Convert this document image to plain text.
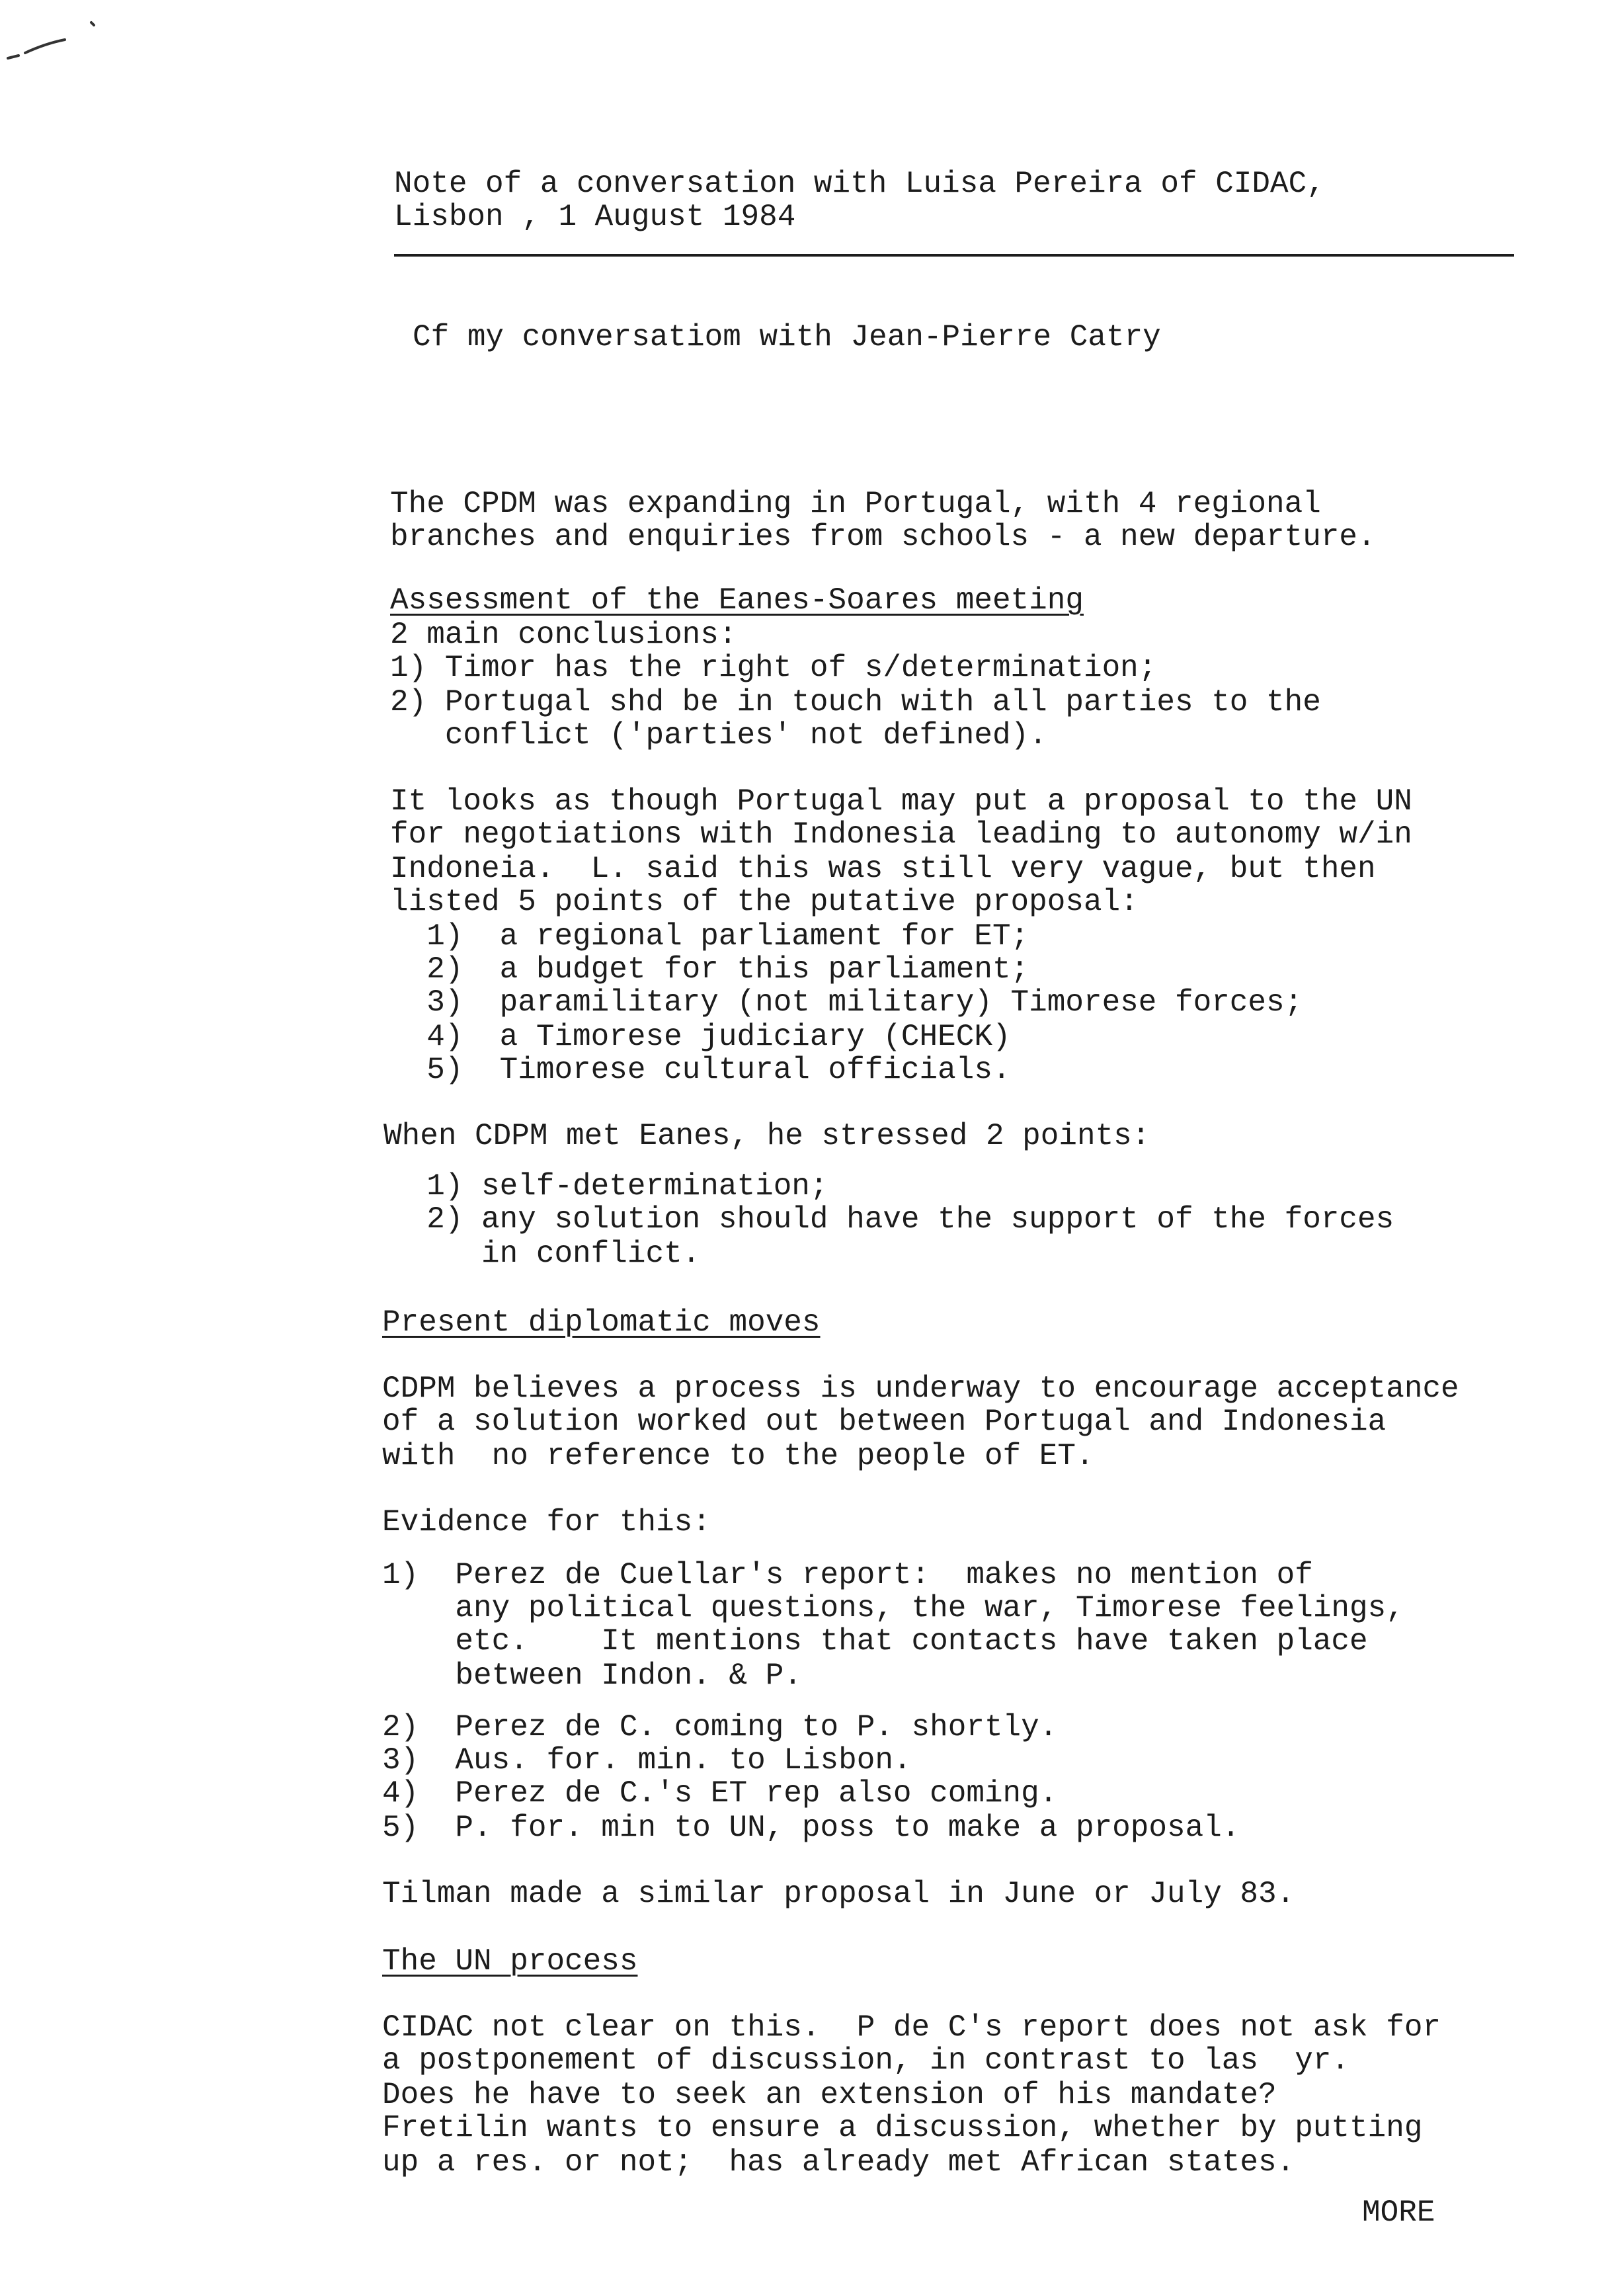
Note of a conversation with Luisa Pereira of CIDAC,
Lisbon , 1 August 1984
Cf my conversatiom with Jean-Pierre Catry
The CPDM was expanding in Portugal, with 4 regional
branches and enquiries from schools - a new departure.
Assessment of the Eanes-Soares meeting
2 main conclusions:
1) Timor has the right of s/determination;
2) Portugal shd be in touch with all parties to the
conflict ('parties' not defined).
It looks as though Portugal may put a proposal to the UN
for negotiations with Indonesia leading to autonomy w/in
Indoneia.  L. said this was still very vague, but then
listed 5 points of the putative proposal:
1)  a regional parliament for ET;
2)  a budget for this parliament;
3)  paramilitary (not military) Timorese forces;
4)  a Timorese judiciary (CHECK)
5)  Timorese cultural officials.
When CDPM met Eanes, he stressed 2 points:
1) self-determination;
2) any solution should have the support of the forces
in conflict.
Present diplomatic moves
CDPM believes a process is underway to encourage acceptance
of a solution worked out between Portugal and Indonesia
with  no reference to the people of ET.
Evidence for this:
1)  Perez de Cuellar's report:  makes no mention of
any political questions, the war, Timorese feelings,
etc.    It mentions that contacts have taken place
between Indon. & P.
2)  Perez de C. coming to P. shortly.
3)  Aus. for. min. to Lisbon.
4)  Perez de C.'s ET rep also coming.
5)  P. for. min to UN, poss to make a proposal.
Tilman made a similar proposal in June or July 83.
The UN process
CIDAC not clear on this.  P de C's report does not ask for
a postponement of discussion, in contrast to las  yr.
Does he have to seek an extension of his mandate?
Fretilin wants to ensure a discussion, whether by putting
up a res. or not;  has already met African states.
MORE
